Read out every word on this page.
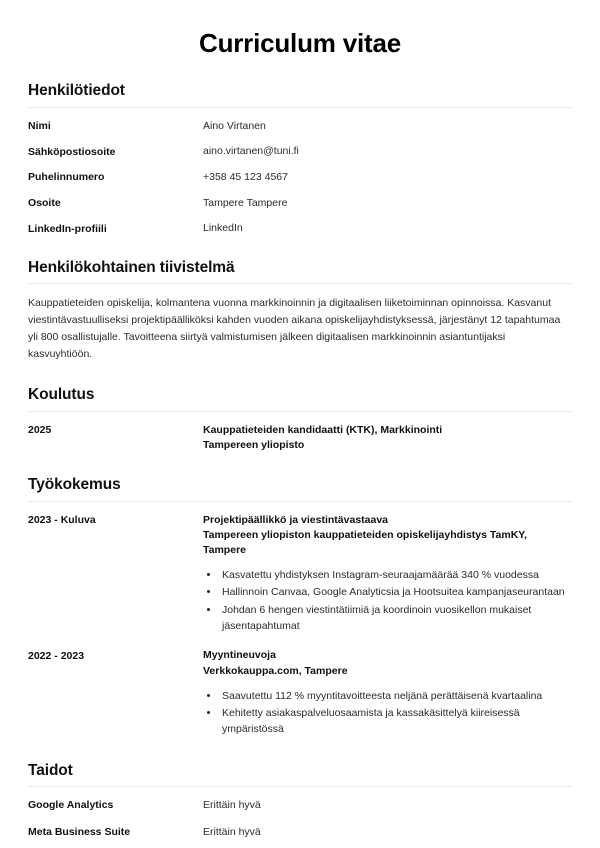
Curriculum vitae
Henkilötiedot
Nimi	Aino Virtanen
Sähköpostiosoite	aino.virtanen@tuni.fi
Puhelinnumero	+358 45 123 4567
Osoite	Tampere Tampere
LinkedIn-profiili	LinkedIn
Henkilökohtainen tiivistelmä

Kauppatieteiden opiskelija, kolmantena vuonna markkinoinnin ja digitaalisen liiketoiminnan opinnoissa. Kasvanut viestintävastuulliseksi projektipäälliköksi kahden vuoden aikana opiskelijayhdistyksessä, järjestänyt 12 tapahtumaa yli 800 osallistujalle. Tavoitteena siirtyä valmistumisen jälkeen digitaalisen markkinoinnin asiantuntijaksi kasvuyhtiöön.

Koulutus
2025	Kauppatieteiden kandidaatti (KTK), Markkinointi
Tampereen yliopisto
Työkokemus
2023 - Kuluva	Projektipäällikkö ja viestintävastaava
Tampereen yliopiston kauppatieteiden opiskelijayhdistys TamKY, Tampere
• Kasvatettu yhdistyksen Instagram-seuraajamäärää 340 % vuodessa
• Hallinnoin Canvaa, Google Analyticsia ja Hootsuitea kampanjaseurantaan
• Johdan 6 hengen viestintätiimiä ja koordinoin vuosikellon mukaiset jäsentapahtumat
2022 - 2023	Myyntineuvoja
Verkkokauppa.com, Tampere
• Saavutettu 112 % myyntitavoitteesta neljänä perättäisenä kvartaalina
• Kehitetty asiakaspalveluosaamista ja kassakäsittelyä kiireisessä ympäristössä
Taidot
Google Analytics	Erittäin hyvä
Meta Business Suite	Erittäin hyvä
